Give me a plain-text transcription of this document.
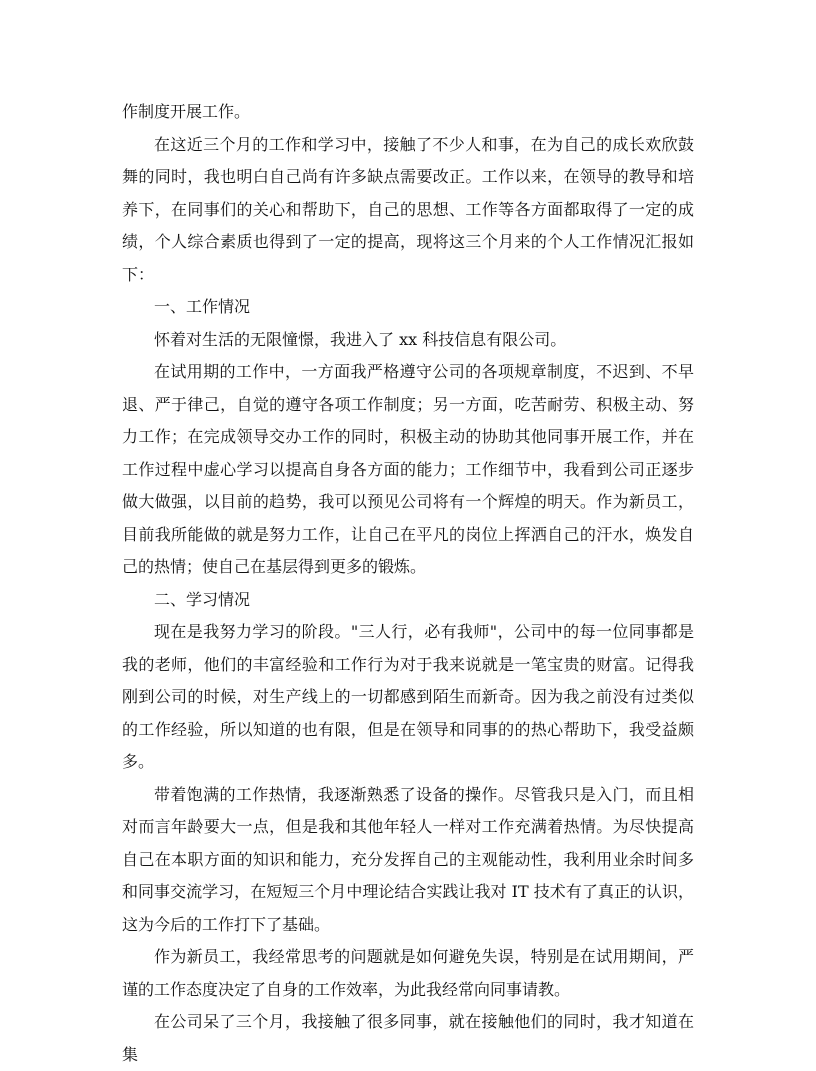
作制度开展工作。

在这近三个月的工作和学习中，接触了不少人和事，在为自己的成长欢欣鼓舞的同时，我也明白自己尚有许多缺点需要改正。工作以来，在领导的教导和培养下，在同事们的关心和帮助下，自己的思想、工作等各方面都取得了一定的成绩，个人综合素质也得到了一定的提高，现将这三个月来的个人工作情况汇报如下：

一、工作情况

怀着对生活的无限憧憬，我进入了 xx 科技信息有限公司。

在试用期的工作中，一方面我严格遵守公司的各项规章制度，不迟到、不早退、严于律己，自觉的遵守各项工作制度；另一方面，吃苦耐劳、积极主动、努力工作；在完成领导交办工作的同时，积极主动的协助其他同事开展工作，并在工作过程中虚心学习以提高自身各方面的能力；工作细节中，我看到公司正逐步做大做强，以目前的趋势，我可以预见公司将有一个辉煌的明天。作为新员工，目前我所能做的就是努力工作，让自己在平凡的岗位上挥洒自己的汗水，焕发自己的热情；使自己在基层得到更多的锻炼。

二、学习情况

现在是我努力学习的阶段。"三人行，必有我师"，公司中的每一位同事都是我的老师，他们的丰富经验和工作行为对于我来说就是一笔宝贵的财富。记得我刚到公司的时候，对生产线上的一切都感到陌生而新奇。因为我之前没有过类似的工作经验，所以知道的也有限，但是在领导和同事的的热心帮助下，我受益颇多。

带着饱满的工作热情，我逐渐熟悉了设备的操作。尽管我只是入门，而且相对而言年龄要大一点，但是我和其他年轻人一样对工作充满着热情。为尽快提高自己在本职方面的知识和能力，充分发挥自己的主观能动性，我利用业余时间多和同事交流学习，在短短三个月中理论结合实践让我对 IT 技术有了真正的认识，这为今后的工作打下了基础。

作为新员工，我经常思考的问题就是如何避免失误，特别是在试用期间，严谨的工作态度决定了自身的工作效率，为此我经常向同事请教。

在公司呆了三个月，我接触了很多同事，就在接触他们的同时，我才知道在集
